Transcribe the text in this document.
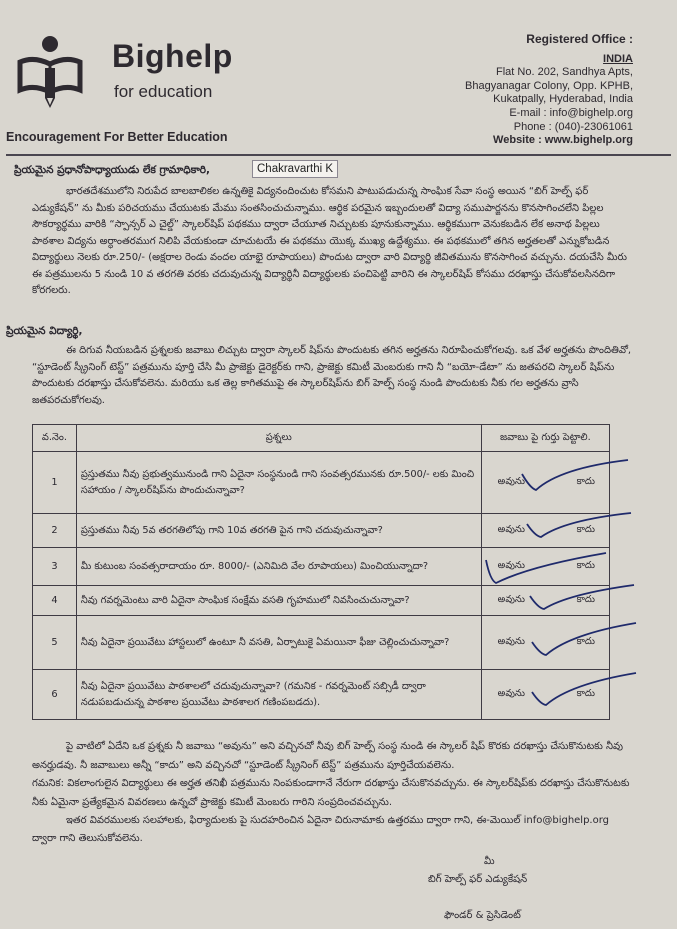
Bighelp
for education
Encouragement For Better Education
Registered Office :
INDIA
Flat No. 202, Sandhya Apts,
Bhagyanagar Colony, Opp. KPHB,
Kukatpally, Hyderabad, India
E-mail : info@bighelp.org
Phone : (040)-23061061
Website : www.bighelp.org
ప్రియమైన ప్రధానోపాధ్యాయుడు లేక గ్రామాధికారి,	Chakravarthi K
భారతదేశములోని నిరుపేద బాలబాలికల ఉన్నతికై విద్యనందించుట కోసమని పాటుపడుచున్న సాంఘిక సేవా సంస్థ అయిన “బిగ్ హెల్ప్ ఫర్ ఎడ్యుకేషన్” ను మీకు పరిచయము చేయుటకు మేము సంతసించుచున్నాము. ఆర్థిక పరమైన ఇబ్బందులతో విద్యా సముపార్జనను కొనసాగించలేని పిల్లల సౌకర్యార్థము వారికి “స్పాన్సర్ ఎ చైల్డ్” స్కాలర్‌షిప్ పథకము ద్వారా చేయూత నిచ్చుటకు పూనుకున్నాము. ఆర్థికముగా వెనుకబడిన లేక అనాథ పిల్లలు పాఠశాల విద్యను అర్ధాంతరముగ నిలిపి వేయకుండా చూచుటయే ఈ పథకము యొక్క ముఖ్య ఉద్దేశ్యము. ఈ పథకములో తగిన అర్హతలతో ఎన్నుకోబడిన విద్యార్థులు నెలకు రూ.250/- (అక్షరాల రెండు వందల యాభై రూపాయలు) పొందుట ద్వారా వారి విద్యార్థి జీవితమును కొనసాగించ వచ్చును. దయచేసి మీరు ఈ పత్రములను 5 నుండి 10 వ తరగతి వరకు చదువుచున్న విద్యార్థినీ విద్యార్థులకు పంచిపెట్టి వారిని ఈ స్కాలర్‌షిప్ కోసము దరఖాస్తు చేసుకోవలసినదిగా కోరగలరు.
ప్రియమైన విద్యార్థి,
ఈ దిగువ నీయబడిన ప్రశ్నలకు జవాబు లిచ్చుట ద్వారా స్కాలర్ షిప్‌ను పొందుటకు తగిన అర్హతను నిరూపించుకోగలవు. ఒక వేళ అర్హతను పొందితివో, “స్టూడెంట్ స్క్రీనింగ్ టెస్ట్” పత్రమును పూర్తి చేసి మీ ప్రాజెక్టు డైరెక్టర్‌కు గాని, ప్రాజెక్టు కమిటీ మెంబరుకు గాని నీ “బయో-డేటా” ను జతపరచి స్కాలర్ షిప్‌ను పొందుటకు దరఖాస్తు చేసుకోవలెను. మరియు ఒక తెల్ల కాగితముపై ఈ స్కాలర్‌షిప్‌ను బిగ్ హెల్ప్ సంస్థ నుండి పొందుటకు నీకు గల అర్హతను వ్రాసి జతపరచుకోగలవు.
వ.నెం.	ప్రశ్నలు	జవాబు పై గుర్తు పెట్టాలి.
1	ప్రస్తుతము నీవు ప్రభుత్వమునుండి గాని ఏదైనా సంస్థనుండి గాని సంవత్సరమునకు రూ.500/- లకు మించి సహాయం / స్కాలర్‌షిప్‌ను పొందుచున్నావా?	అవును కాదు

2	ప్రస్తుతము నీవు 5వ తరగతిలోపు గాని 10వ తరగతి పైన గాని చదువుచున్నావా?	అవును కాదు

3	మీ కుటుంబ సంవత్సరాదాయం రూ. 8000/- (ఎనిమిది వేల రూపాయలు) మించియున్నాదా?	అవును కాదు

4	నీవు గవర్నమెంటు వారి ఏదైనా సాంఘిక సంక్షేమ వసతి గృహములో నివసించుచున్నావా?	అవును కాదు

5	నీవు ఏదైనా ప్రయివేటు హాస్టలులో ఉంటూ నీ వసతి, ఏర్పాటుకై ఏమయినా ఫీజు చెల్లించుచున్నావా?	అవును కాదు

6	నీవు ఏదైనా ప్రయివేటు పాఠశాలలో చదువుచున్నావా? (గమనిక - గవర్నమెంట్ సబ్సిడీ ద్వారా నడుపబడుచున్న పాఠశాల ప్రయివేటు పాఠశాలగ గణింపబడదు).	అవును కాదు
పై వాటిలో ఏదేని ఒక ప్రశ్నకు నీ జవాబు “అవును” అని వచ్చినచో నీవు బిగ్ హెల్ప్ సంస్థ నుండి ఈ స్కాలర్ షిప్ కొరకు దరఖాస్తు చేసుకొనుటకు నీవు అనర్హుడవు. నీ జవాబులు అన్నీ “కాదు” అని వచ్చినచో “స్టూడెంట్ స్క్రీనింగ్ టెస్ట్” పత్రమును పూర్తిచేయవలెను.
గమనిక: వికలాంగులైన విద్యార్థులు ఈ అర్హత తనిఖీ పత్రమును నింపకుండాగానే నేరుగా దరఖాస్తు చేసుకొనవచ్చును. ఈ స్కాలర్‌షిప్‌కు దరఖాస్తు చేసుకొనుటకు నీకు ఏమైనా ప్రత్యేకమైన వివరణలు ఉన్నచో ప్రాజెక్టు కమిటీ మెంబరు గారిని సంప్రదించవచ్చును.
ఇతర వివరములకు సలహాలకు, ఫిర్యాదులకు పై సుదహరించిన ఏదైనా చిరునామాకు ఉత్తరము ద్వారా గాని, ఈ-మెయిల్ info@bighelp.org ద్వారా గాని తెలుసుకోవలెను.
మీ
బిగ్ హెల్ప్ ఫర్ ఎడ్యుకేషన్
ఫౌండర్ & ప్రెసిడెంట్
